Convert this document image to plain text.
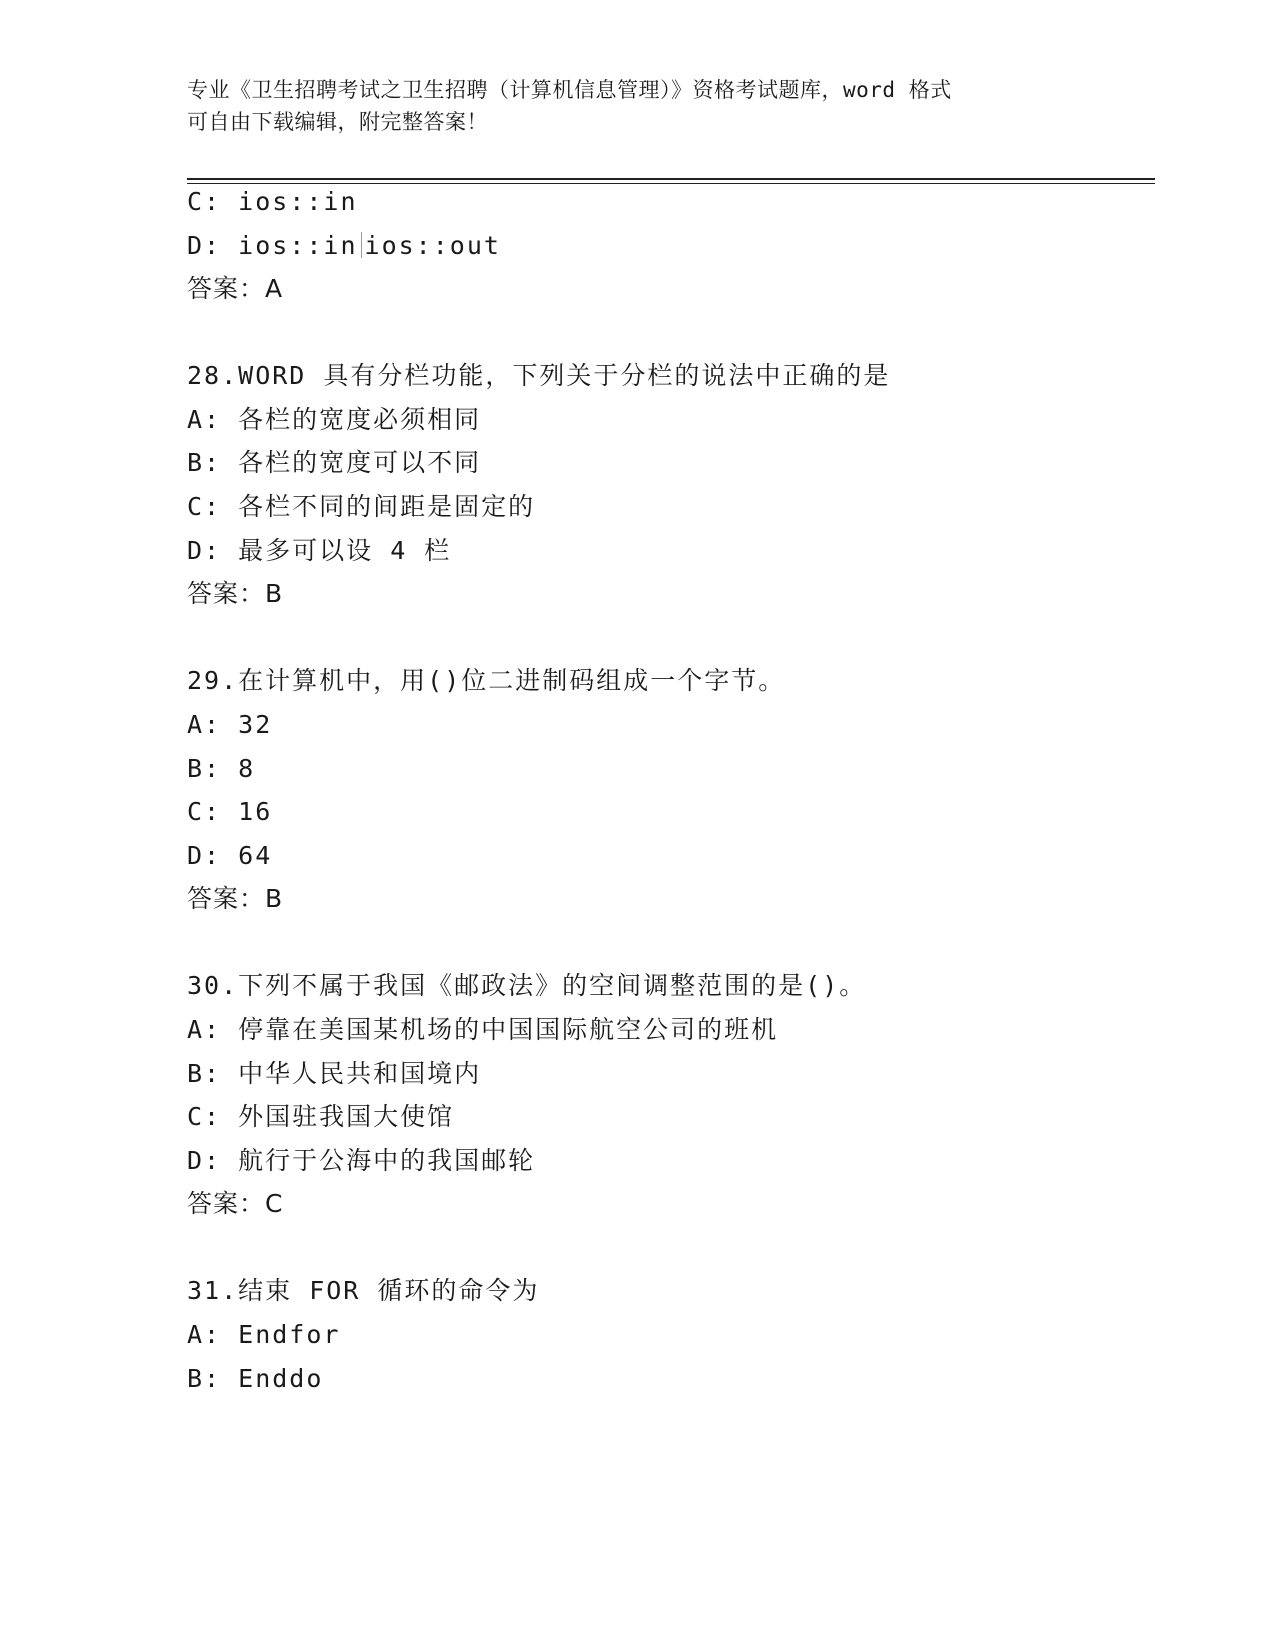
专业《卫生招聘考试之卫生招聘（计算机信息管理）》资格考试题库，word 格式
可自由下载编辑，附完整答案！
C: ios::in
D: ios::in ios::out
答案：A
28.WORD 具有分栏功能，下列关于分栏的说法中正确的是
A: 各栏的宽度必须相同
B: 各栏的宽度可以不同
C: 各栏不同的间距是固定的
D: 最多可以设 4 栏
答案：B
29.在计算机中，用()位二进制码组成一个字节。
A: 32
B: 8
C: 16
D: 64
答案：B
30.下列不属于我国《邮政法》的空间调整范围的是()。
A: 停靠在美国某机场的中国国际航空公司的班机
B: 中华人民共和国境内
C: 外国驻我国大使馆
D: 航行于公海中的我国邮轮
答案：C
31.结束 FOR 循环的命令为
A: Endfor
B: Enddo
